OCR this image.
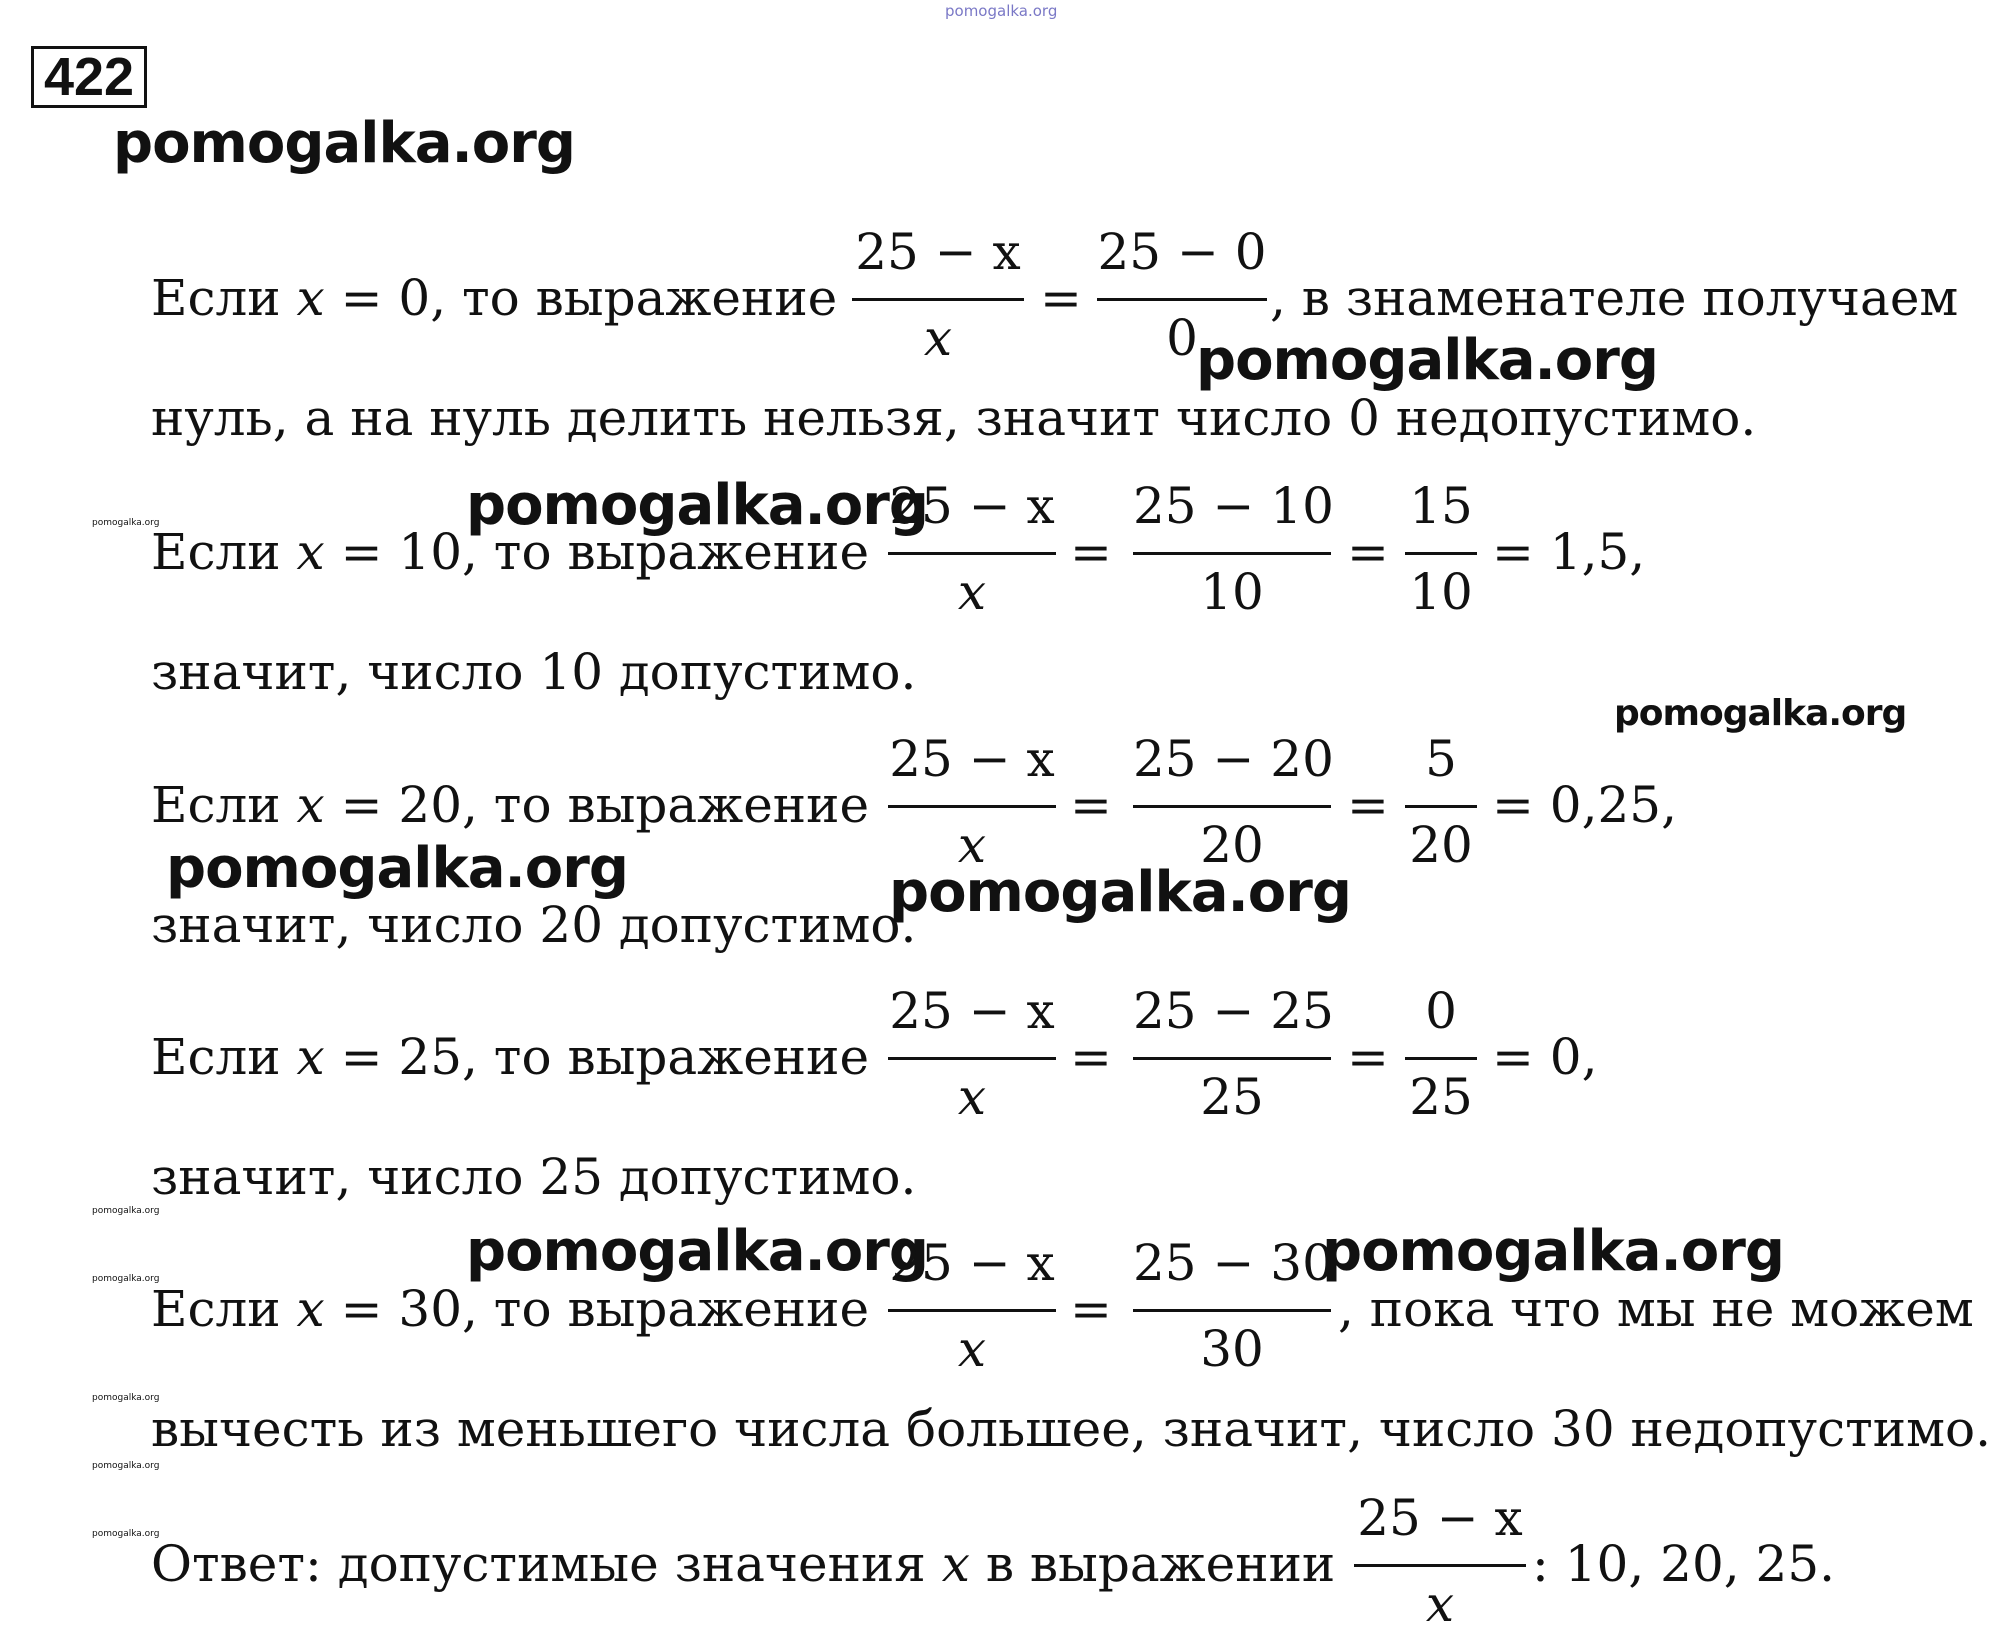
pomogalka.org
422
pomogalka.org
Если x = 0, то выражение
25 − x
x
=
25 − 0
0
, в знаменателе получаем
pomogalka.org
нуль, а на нуль делить нельзя, значит число 0 недопустимо.
pomogalka.org	pomogalka.org
Если x = 10, то выражение
25 − x
x
=
25 − 10
10
=
15
10
= 1,5,
значит, число 10 допустимо.
pomogalka.org
Если x = 20, то выражение
25 − x
x
=
25 − 20
20
=
5
20
= 0,25,
pomogalka.org	pomogalka.org
значит, число 20 допустимо.
Если x = 25, то выражение
25 − x
x
=
25 − 25
25
=
0
25
= 0,
значит, число 25 допустимо.
pomogalka.org
pomogalka.org	pomogalka.org	pomogalka.org
Если x = 30, то выражение
25 − x
x
=
25 − 30
30
, пока что мы не можем
pomogalka.org
вычесть из меньшего числа большее, значит, число 30 недопустимо.
pomogalka.org
pomogalka.org
Ответ: допустимые значения x в выражении
25 − x
x
: 10, 20, 25.
